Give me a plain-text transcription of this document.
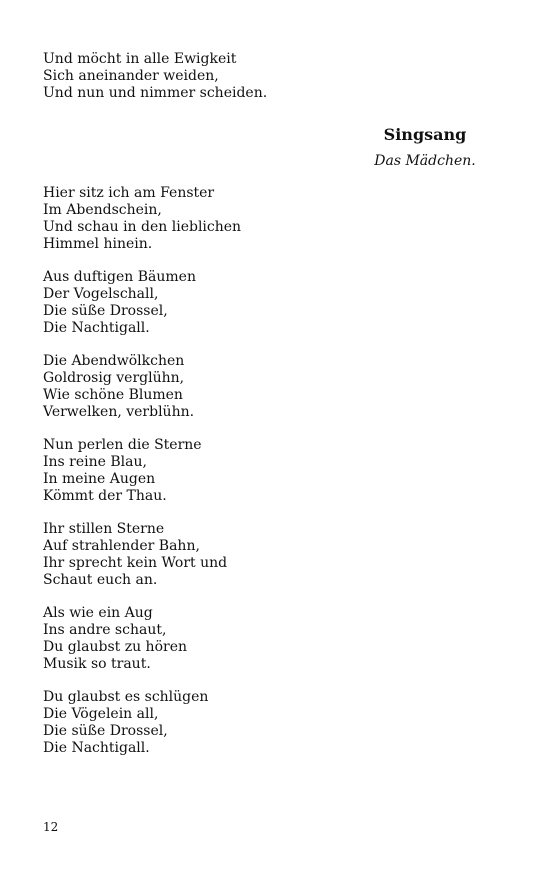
Und möcht in alle Ewigkeit
Sich aneinander weiden,
Und nun und nimmer scheiden.
Singsang
Das Mädchen.
Hier sitz ich am Fenster
Im Abendschein,
Und schau in den lieblichen
Himmel hinein.
Aus duftigen Bäumen
Der Vogelschall,
Die süße Drossel,
Die Nachtigall.
Die Abendwölkchen
Goldrosig verglühn,
Wie schöne Blumen
Verwelken, verblühn.
Nun perlen die Sterne
Ins reine Blau,
In meine Augen
Kömmt der Thau.
Ihr stillen Sterne
Auf strahlender Bahn,
Ihr sprecht kein Wort und
Schaut euch an.
Als wie ein Aug
Ins andre schaut,
Du glaubst zu hören
Musik so traut.
Du glaubst es schlügen
Die Vögelein all,
Die süße Drossel,
Die Nachtigall.
12
